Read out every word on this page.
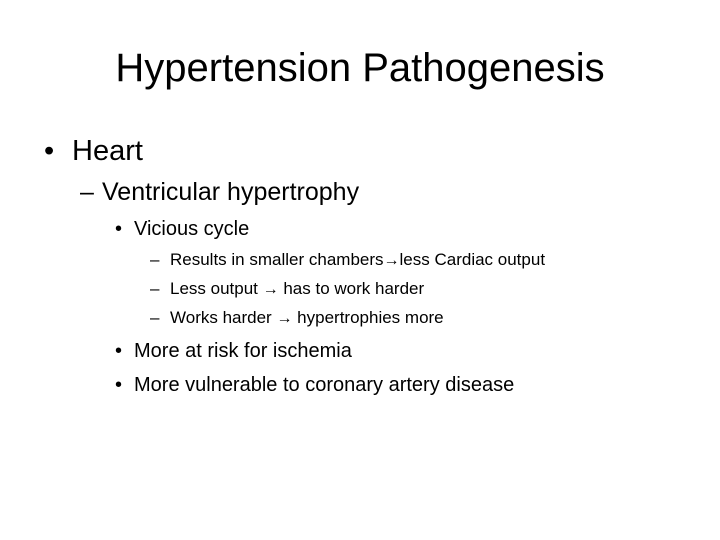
Hypertension Pathogenesis
• Heart
– Ventricular hypertrophy
• Vicious cycle
– Results in smaller chambers→less Cardiac output
– Less output → has to work harder
– Works harder → hypertrophies more
• More at risk for ischemia
• More vulnerable to coronary artery disease
